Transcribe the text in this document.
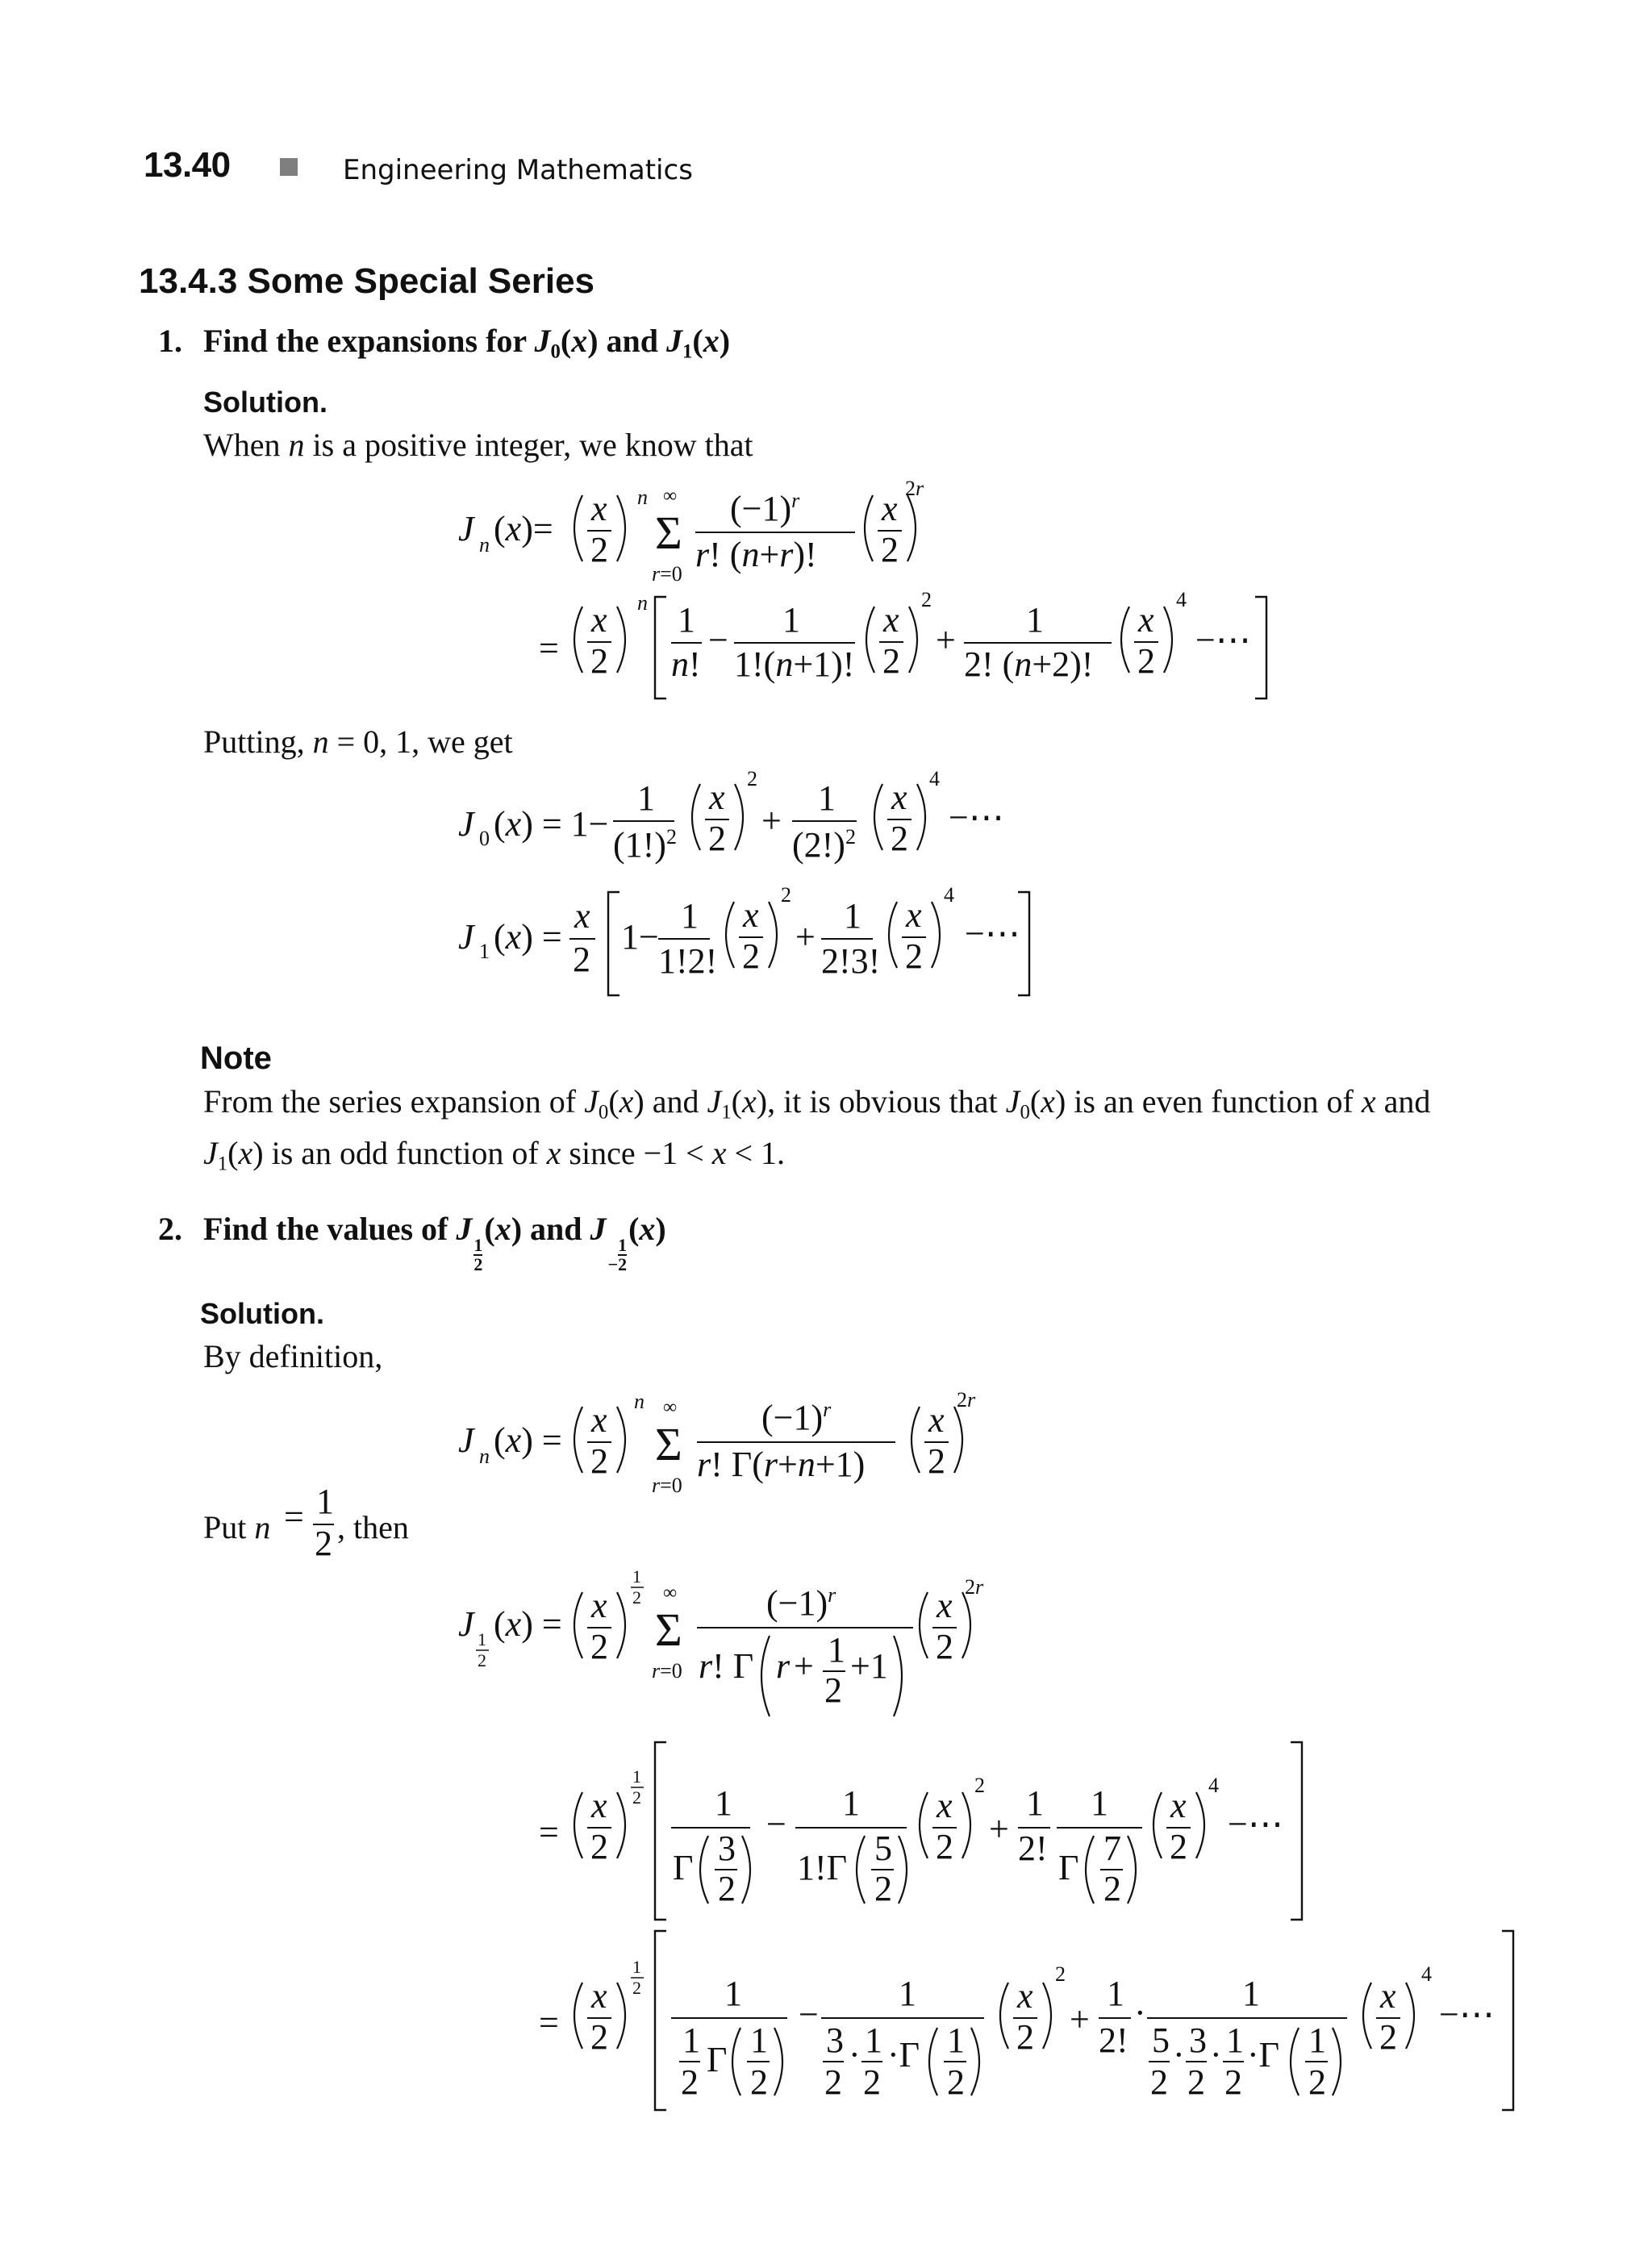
13.40	Engineering Mathematics
13.4.3 Some Special Series
1. Find the expansions for $J_0(x)$ and $J_1(x)$
Solution.
When n is a positive integer, we know that
J n (x)=
x
2
n ∞
Σ
r=0
$(-1)^r$
r! (n+r)!
x
2
2r
=
x
2
n 1
n!
−
1
1!(n+1)!
x
2
2
+
1
2! (n+2)!
x
2
4
−⋯
J 0 (x) = 1−
1
$(1!)^2$
x
2
2
+
1
$(2!)^2$
x
2
4
−⋯
J 1 (x) =
x
2
1−
1
1!2!
x
2
2
+
1
2!3!
x
2
4
−⋯
J n (x) =
x
2
n ∞
Σ
r=0
$(-1)^r$
r! Γ(r+n+1)
x
2
2r
= 1
2
J 1
2
(x) = x
2
1
2 ∞
Σ
r=0
$(-1)^r$
r! Γ r + 1
2
+1
x
2
2r
=
x
2
1
2 1
Γ 3
2
−
1
1!Γ 5
2
x
2
2
+
1
2!
1
Γ 7
2
x
2
4
−⋯
=
x
2
1
2 1
1
2
Γ 1
2
−
1
3
2
· 1
2
·Γ 1
2
x
2
2
+
1
2!
·	1
5
2
· 3
2
· 1
2
·Γ 1
2
x
2
4
−⋯
Putting, n = 0, 1, we get
Note
From the series expansion of $J_0(x)$ and $J_1(x)$, it is obvious that $J_0(x)$ is an even function of x and
$J_1(x)$ is an odd function of x since −1 < x < 1.
2. Find the values of J
$\frac{1}{2}$
(x) and $J- \frac{1}{2}$
(x)
Solution.
By definition,
Put n , then
